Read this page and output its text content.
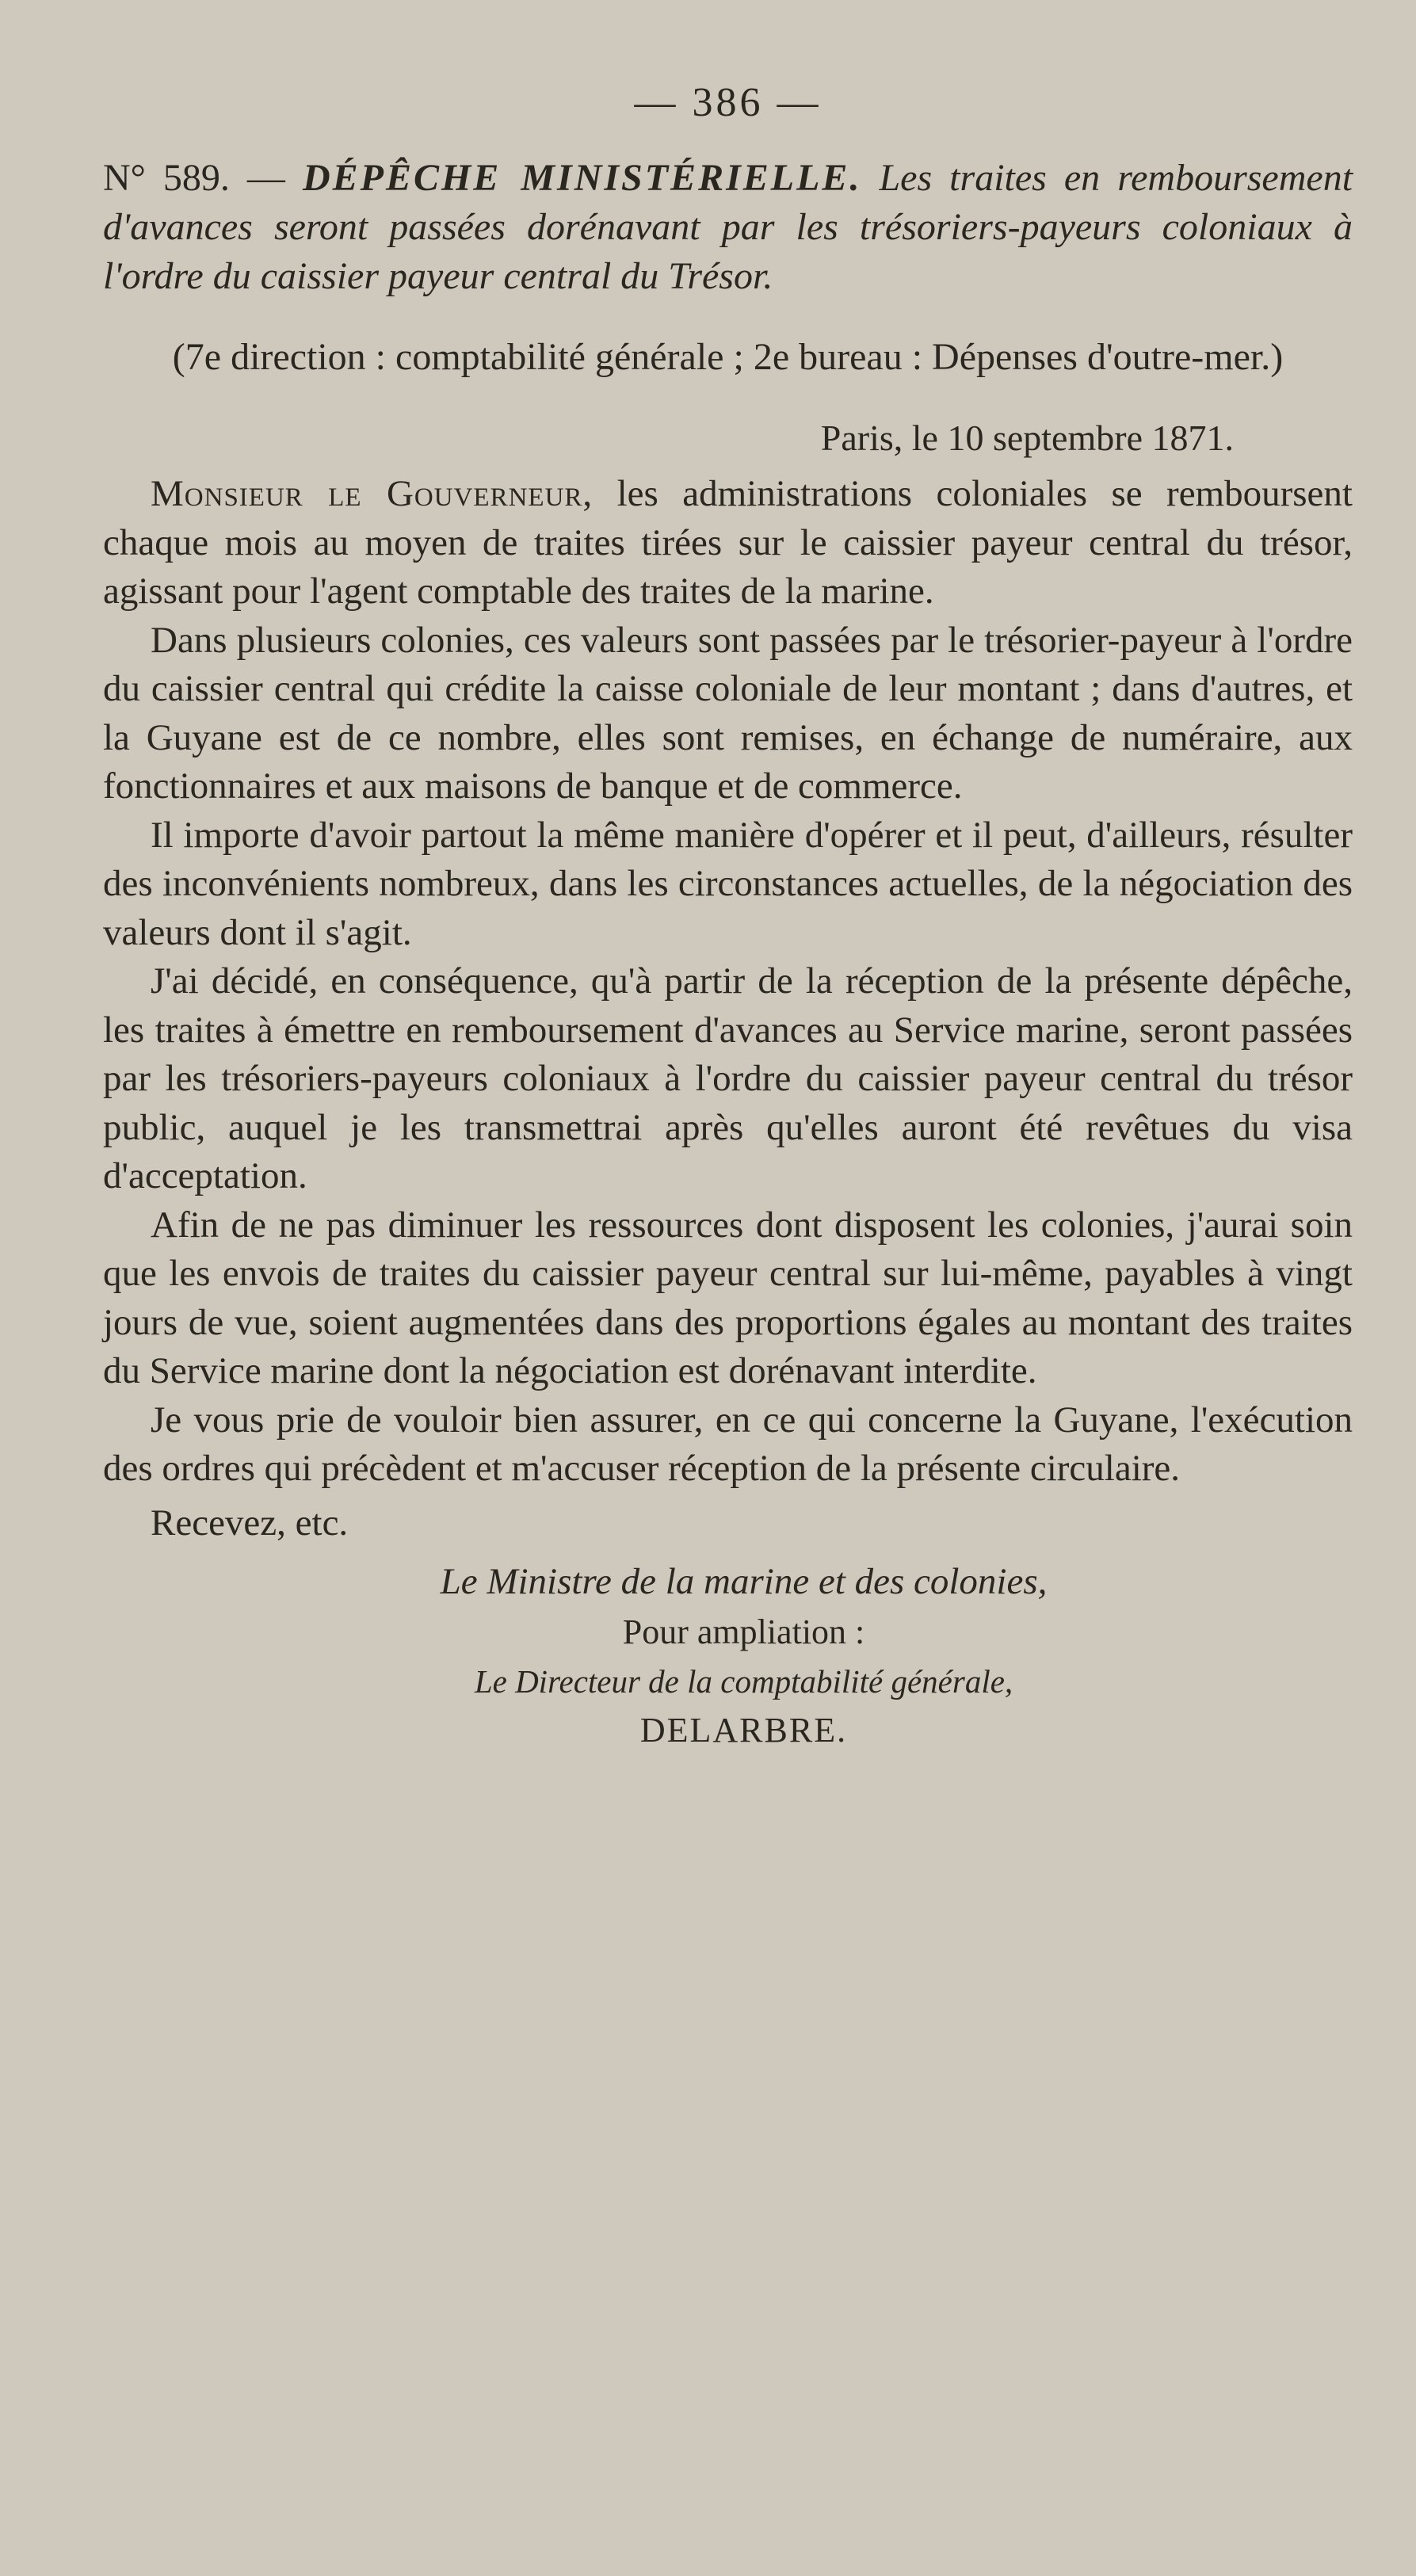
— 386 —

N° 589. — DÉPÊCHE MINISTÉRIELLE. Les traites en remboursement d'avances seront passées dorénavant par les trésoriers-payeurs coloniaux à l'ordre du caissier payeur central du Trésor.

(7e direction : comptabilité générale ; 2e bureau : Dépenses d'outre-mer.)

Paris, le 10 septembre 1871.

Monsieur le Gouverneur, les administrations coloniales se remboursent chaque mois au moyen de traites tirées sur le caissier payeur central du trésor, agissant pour l'agent comptable des traites de la marine.

Dans plusieurs colonies, ces valeurs sont passées par le trésorier-payeur à l'ordre du caissier central qui crédite la caisse coloniale de leur montant ; dans d'autres, et la Guyane est de ce nombre, elles sont remises, en échange de numéraire, aux fonctionnaires et aux maisons de banque et de commerce.

Il importe d'avoir partout la même manière d'opérer et il peut, d'ailleurs, résulter des inconvénients nombreux, dans les circonstances actuelles, de la négociation des valeurs dont il s'agit.

J'ai décidé, en conséquence, qu'à partir de la réception de la présente dépêche, les traites à émettre en remboursement d'avances au Service marine, seront passées par les trésoriers-payeurs coloniaux à l'ordre du caissier payeur central du trésor public, auquel je les transmettrai après qu'elles auront été revêtues du visa d'acceptation.

Afin de ne pas diminuer les ressources dont disposent les colonies, j'aurai soin que les envois de traites du caissier payeur central sur lui-même, payables à vingt jours de vue, soient augmentées dans des proportions égales au montant des traites du Service marine dont la négociation est dorénavant interdite.

Je vous prie de vouloir bien assurer, en ce qui concerne la Guyane, l'exécution des ordres qui précèdent et m'accuser réception de la présente circulaire.

Recevez, etc.

Le Ministre de la marine et des colonies,

Pour ampliation :

Le Directeur de la comptabilité générale,

DELARBRE.
